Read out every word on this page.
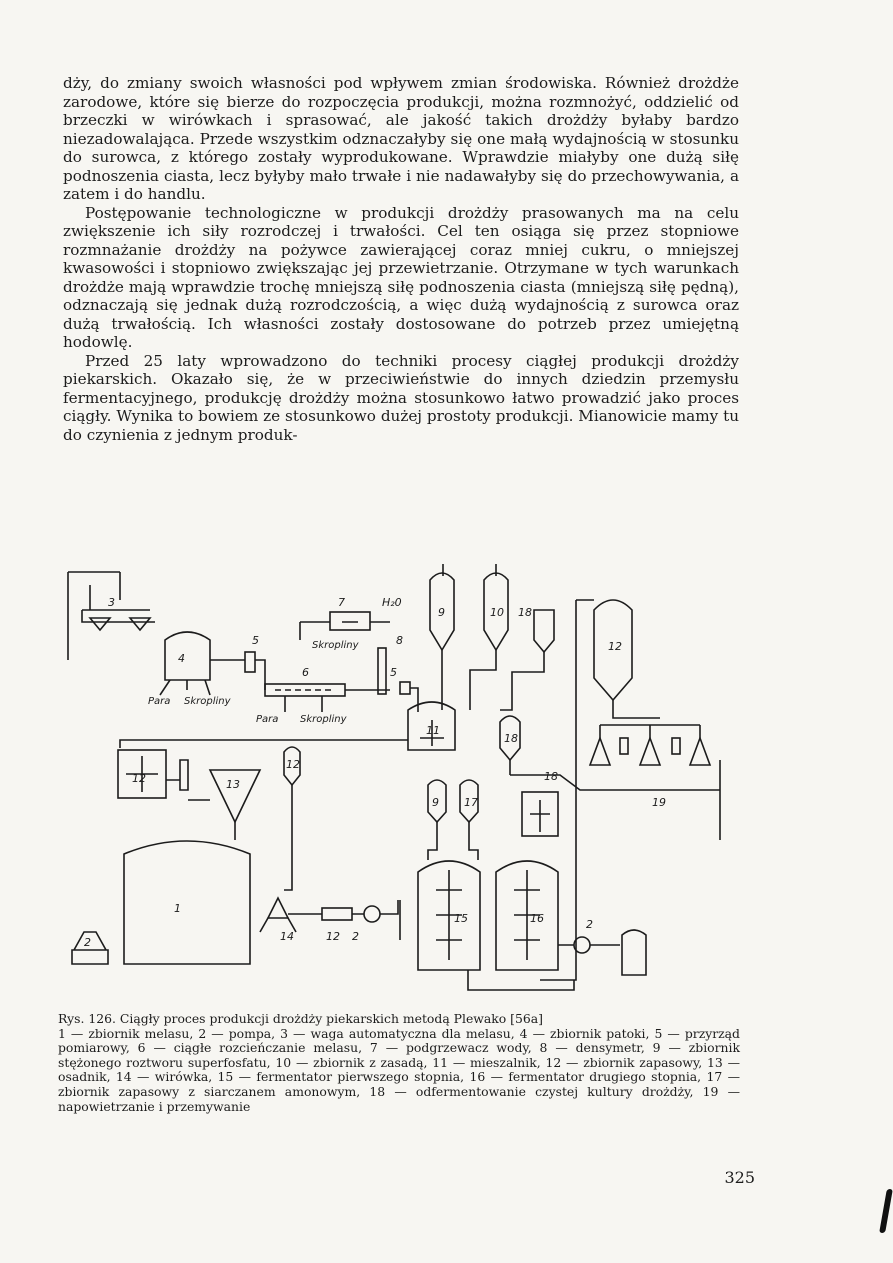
dży, do zmiany swoich własności pod wpływem zmian środowiska. Również drożdże zarodowe, które się bierze do rozpoczęcia produkcji, można rozmnożyć, oddzielić od brzeczki w wirówkach i sprasować, ale jakość takich drożdży byłaby bardzo niezadowalająca. Przede wszystkim odznaczałyby się one małą wydajnością w stosunku do surowca, z którego zostały wyprodukowane. Wprawdzie miałyby one dużą siłę podnoszenia ciasta, lecz byłyby mało trwałe i nie nadawałyby się do przechowywania, a zatem i do handlu.

Postępowanie technologiczne w produkcji drożdży prasowanych ma na celu zwiększenie ich siły rozrodczej i trwałości. Cel ten osiąga się przez stopniowe rozmnażanie drożdży na pożywce zawierającej coraz mniej cukru, o mniejszej kwasowości i stopniowo zwiększając jej przewietrzanie. Otrzymane w tych warunkach drożdże mają wprawdzie trochę mniejszą siłę podnoszenia ciasta (mniejszą siłę pędną), odznaczają się jednak dużą rozrodczością, a więc dużą wydajnością z surowca oraz dużą trwałością. Ich własności zostały dostosowane do potrzeb przez umiejętną hodowlę.

Przed 25 laty wprowadzono do techniki procesy ciągłej produkcji drożdży piekarskich. Okazało się, że w przeciwieństwie do innych dziedzin przemysłu fermentacyjnego, produkcję drożdży można stosunkowo łatwo prowadzić jako proces ciągły. Wynika to bowiem ze stosunkowo dużej prostoty produkcji. Mianowicie mamy tu do czynienia z jednym produk-

4
3	7	H₂0
Skropliny
5	8
5
6
Para Skropliny
Para Skropliny
9	10 18
12
11
18
18
19
12	13
12
9 17
1
2	14	12 2
15	16	2
Rys. 126. Ciągły proces produkcji drożdży piekarskich metodą Plewako [56a]
1 — zbiornik melasu, 2 — pompa, 3 — waga automatyczna dla melasu, 4 — zbiornik patoki, 5 — przyrząd pomiarowy, 6 — ciągłe rozcieńczanie melasu, 7 — podgrzewacz wody, 8 — densymetr, 9 — zbiornik stężonego roztworu superfosfatu, 10 — zbiornik z zasadą, 11 — mieszalnik, 12 — zbiornik zapasowy, 13 — osadnik, 14 — wirówka, 15 — fermentator pierwszego stopnia, 16 — fermentator drugiego stopnia, 17 — zbiornik zapasowy z siarczanem amonowym, 18 — odfermentowanie czystej kultury drożdży, 19 — napowietrzanie i przemywanie
325
